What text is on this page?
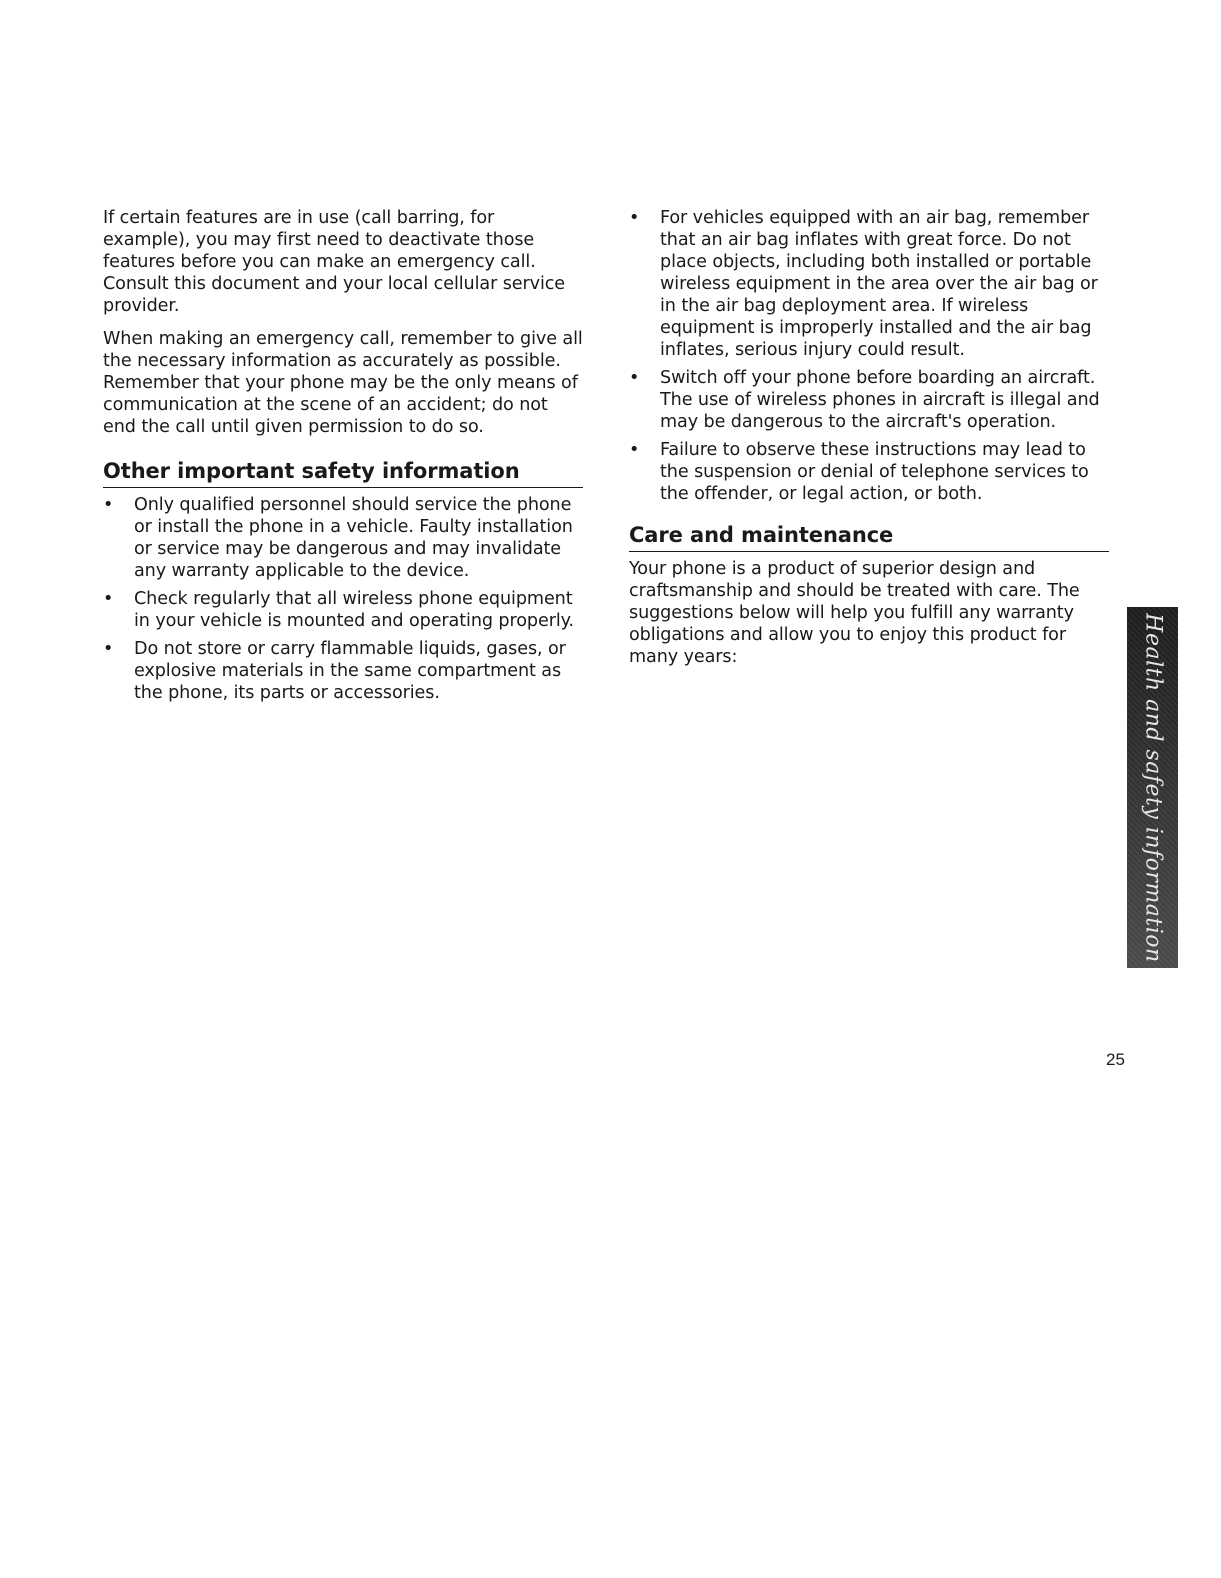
If certain features are in use (call barring, for example), you may first need to deactivate those features before you can make an emergency call. Consult this document and your local cellular service provider.

When making an emergency call, remember to give all the necessary information as accurately as possible. Remember that your phone may be the only means of communication at the scene of an accident; do not end the call until given permission to do so.

Other important safety information
• Only qualified personnel should service the phone or install the phone in a vehicle. Faulty installation or service may be dangerous and may invalidate any warranty applicable to the device.
• Check regularly that all wireless phone equipment in your vehicle is mounted and operating properly.
• Do not store or carry flammable liquids, gases, or explosive materials in the same compartment as the phone, its parts or accessories.
• For vehicles equipped with an air bag, remember that an air bag inflates with great force. Do not place objects, including both installed or portable wireless equipment in the area over the air bag or in the air bag deployment area. If wireless equipment is improperly installed and the air bag inflates, serious injury could result.
• Switch off your phone before boarding an aircraft. The use of wireless phones in aircraft is illegal and may be dangerous to the aircraft's operation.
• Failure to observe these instructions may lead to the suspension or denial of telephone services to the offender, or legal action, or both.
Care and maintenance

Your phone is a product of superior design and craftsmanship and should be treated with care. The suggestions below will help you fulfill any warranty obligations and allow you to enjoy this product for many years:	Health and safety information
25
